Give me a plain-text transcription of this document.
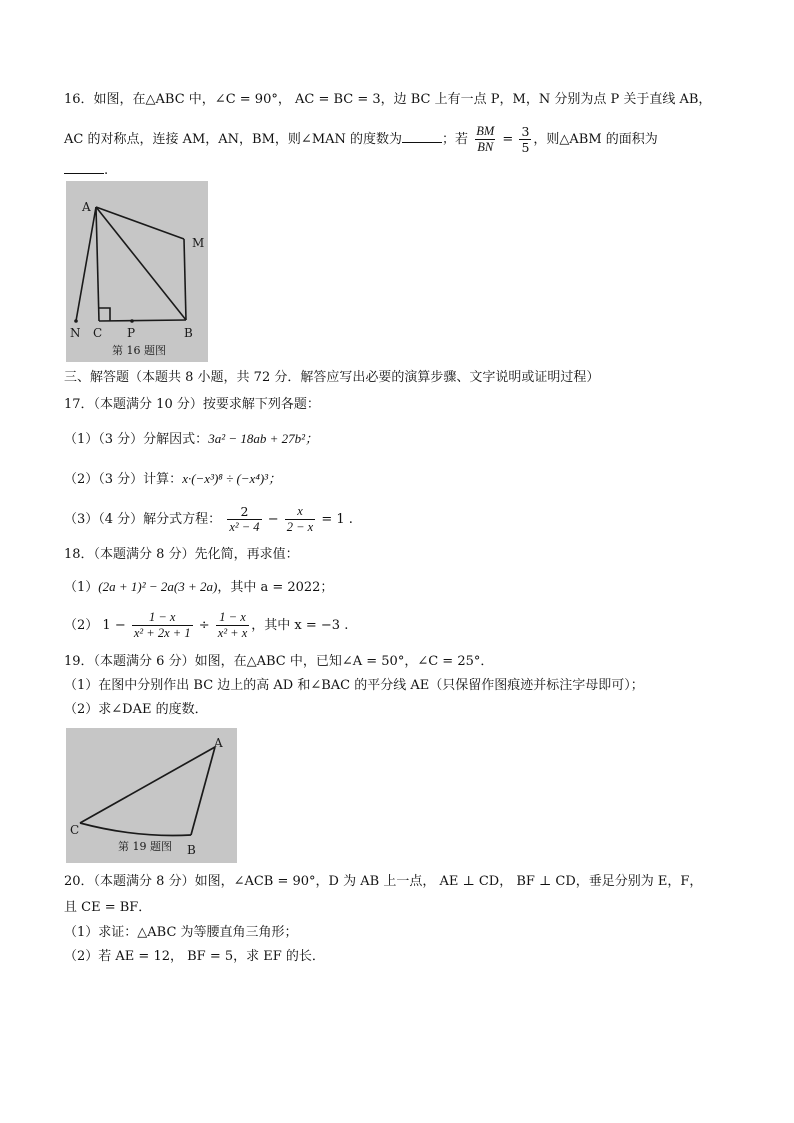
16．如图，在△ABC 中，∠C = 90°， AC = BC = 3，边 BC 上有一点 P，M，N 分别为点 P 关于直线 AB，
AC 的对称点，连接 AM，AN，BM，则∠MAN 的度数为	；若 $\frac{BM}{BN} = \frac{3}{5}$ ，则△ABM 的面积为
.
A
M
N C P	B
第 16 题图
三、解答题（本题共 8 小题，共 72 分．解答应写出必要的演算步骤、文字说明或证明过程）
17．（本题满分 10 分）按要求解下列各题：
（1）（3 分）分解因式：3a² − 18ab + 27b²；
（2）（3 分）计算：x·(−x³)⁸ ÷ (−x⁴)³；
（3）（4 分）解分式方程： $\frac{2}{\text{x² − 4}} - \frac{x}{2 - x} = 1$ .
18．（本题满分 8 分）先化简，再求值：
（1）(2a + 1)² − 2a(3 + 2a)，其中 a = 2022；
（2） $1 - \frac{1 - x}{\text{x² + 2x + 1}} \div \frac{1 - x}{\text{x² + x}}$ ，其中 x = −3 .
19．（本题满分 6 分）如图，在△ABC 中，已知∠A = 50°，∠C = 25°．
（1）在图中分别作出 BC 边上的高 AD 和∠BAC 的平分线 AE（只保留作图痕迹并标注字母即可）；
（2）求∠DAE 的度数．
A
C
B
第 19 题图
20．（本题满分 8 分）如图，∠ACB = 90°，D 为 AB 上一点， AE ⊥ CD， BF ⊥ CD，垂足分别为 E，F，
且 CE = BF．
（1）求证：△ABC 为等腰直角三角形；
（2）若 AE = 12， BF = 5，求 EF 的长．
